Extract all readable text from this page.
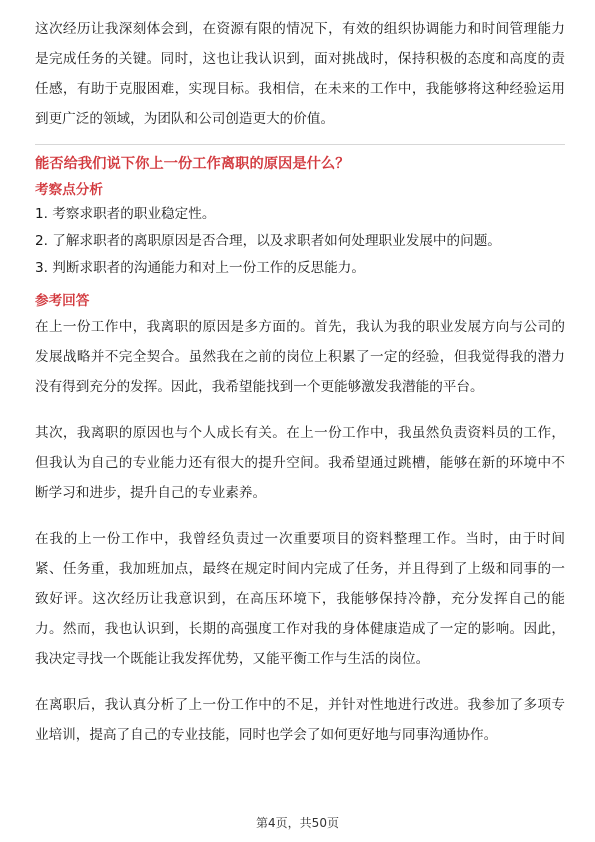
这次经历让我深刻体会到，在资源有限的情况下，有效的组织协调能力和时间管理能力是完成任务的关键。同时，这也让我认识到，面对挑战时，保持积极的态度和高度的责任感，有助于克服困难，实现目标。我相信，在未来的工作中，我能够将这种经验运用到更广泛的领域，为团队和公司创造更大的价值。

能否给我们说下你上一份工作离职的原因是什么？
考察点分析

1. 考察求职者的职业稳定性。

2. 了解求职者的离职原因是否合理，以及求职者如何处理职业发展中的问题。

3. 判断求职者的沟通能力和对上一份工作的反思能力。

参考回答

在上一份工作中，我离职的原因是多方面的。首先，我认为我的职业发展方向与公司的发展战略并不完全契合。虽然我在之前的岗位上积累了一定的经验，但我觉得我的潜力没有得到充分的发挥。因此，我希望能找到一个更能够激发我潜能的平台。

其次，我离职的原因也与个人成长有关。在上一份工作中，我虽然负责资料员的工作，但我认为自己的专业能力还有很大的提升空间。我希望通过跳槽，能够在新的环境中不断学习和进步，提升自己的专业素养。

在我的上一份工作中，我曾经负责过一次重要项目的资料整理工作。当时，由于时间紧、任务重，我加班加点，最终在规定时间内完成了任务，并且得到了上级和同事的一致好评。这次经历让我意识到，在高压环境下，我能够保持冷静，充分发挥自己的能力。然而，我也认识到，长期的高强度工作对我的身体健康造成了一定的影响。因此，我决定寻找一个既能让我发挥优势，又能平衡工作与生活的岗位。

在离职后，我认真分析了上一份工作中的不足，并针对性地进行改进。我参加了多项专业培训，提高了自己的专业技能，同时也学会了如何更好地与同事沟通协作。

第4页，共50页
